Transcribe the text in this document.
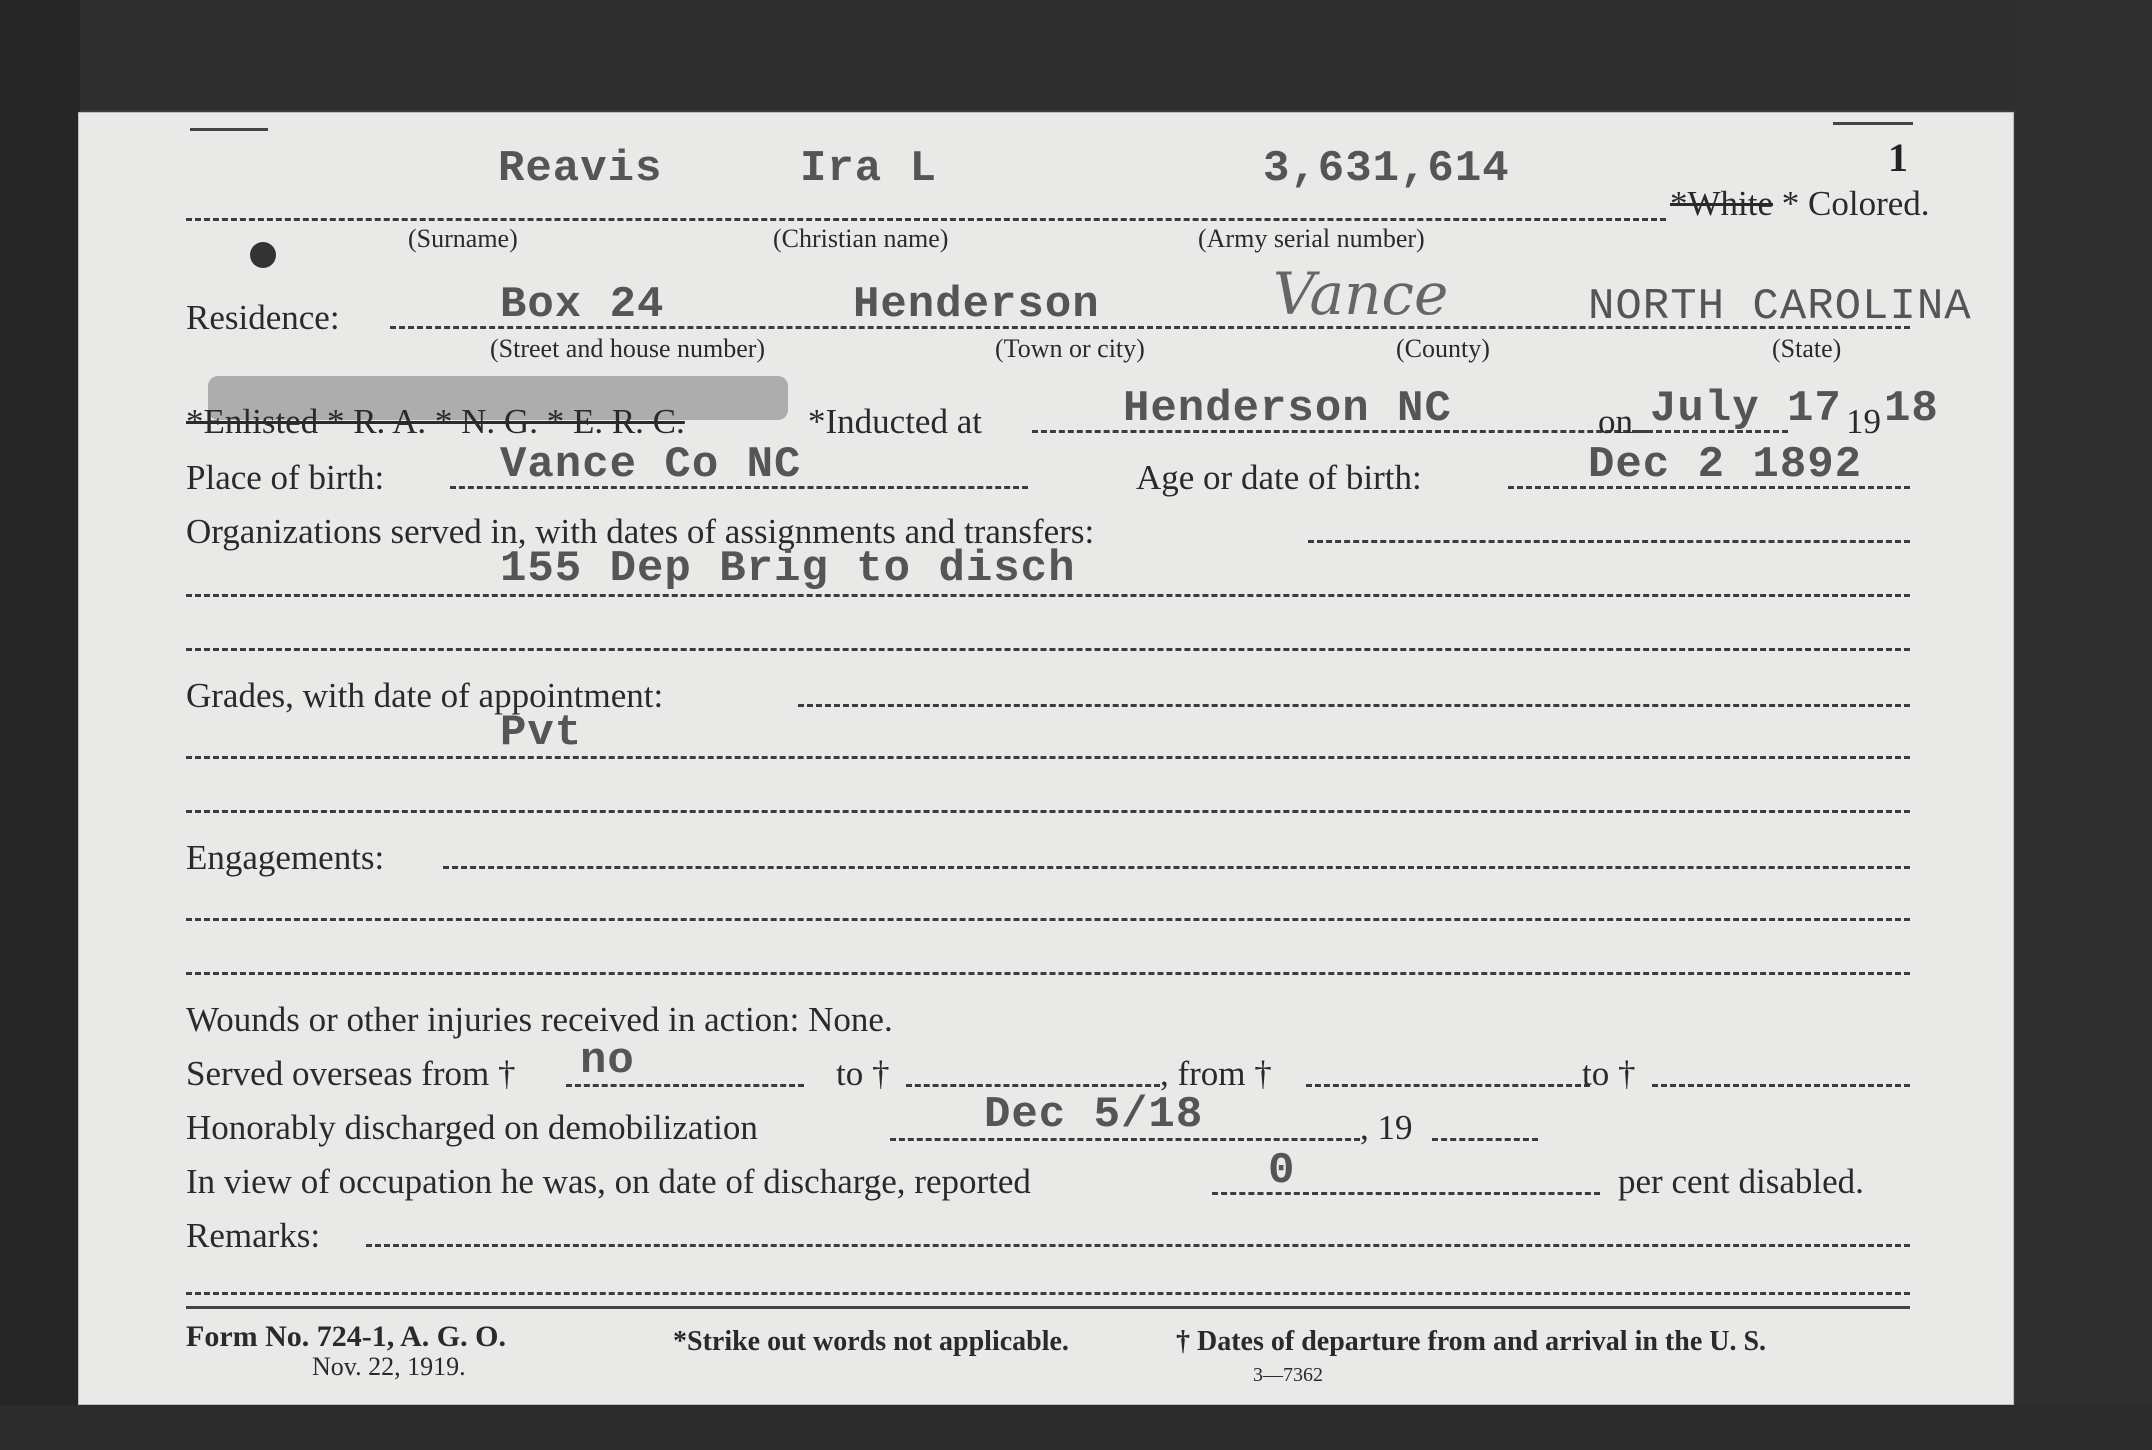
1
Reavis	Ira L	3,631,614
*White * Colored.
(Surname)	(Christian name)	(Army serial number)
Residence:	Box 24	Henderson	Vance	NORTH CAROLINA
(Street and house number)	(Town or city)	(County)	(State)
*Enlisted * R. A. * N. G. * E. R. C.	*Inducted at	Henderson NC	on July 17 19 18
Place of birth:	Vance Co NC	Age or date of birth:	Dec 2 1892
Organizations served in, with dates of assignments and transfers:
155 Dep Brig to disch
Grades, with date of appointment:
Pvt
Engagements:
Wounds or other injuries received in action: None.
Served overseas from † no	to †	, from †	to †
Honorably discharged on demobilization	Dec 5/18	, 19
In view of occupation he was, on date of discharge, reported	0	per cent disabled.
Remarks:
Form No. 724-1, A. G. O.
Nov. 22, 1919.
*Strike out words not applicable.	† Dates of departure from and arrival in the U. S.
3—7362
